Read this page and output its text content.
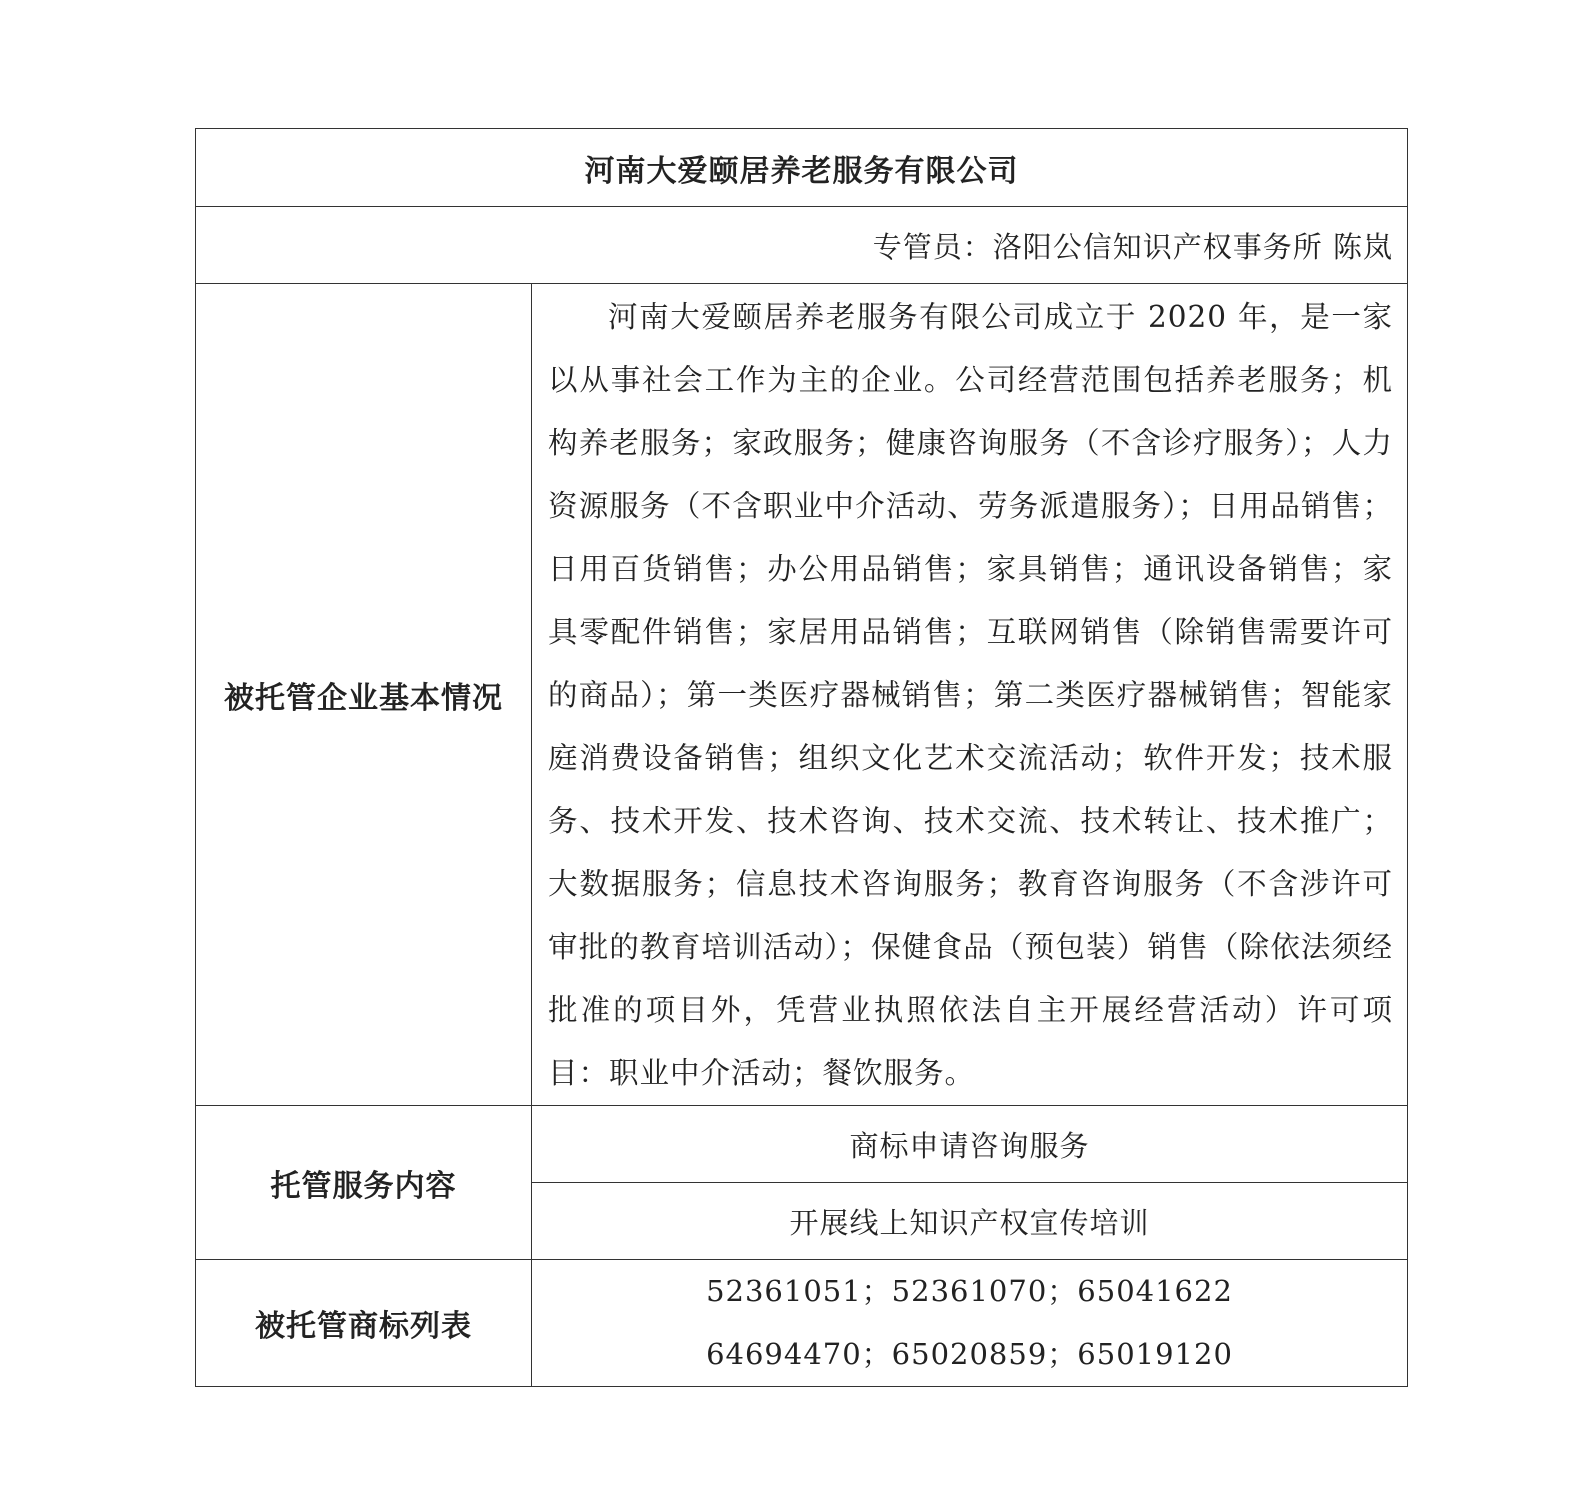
河南大爱颐居养老服务有限公司	
专管员：洛阳公信知识产权事务所 陈岚	
被托管企业基本情况	河南大爱颐居养老服务有限公司成立于 2020 年，是一家以从事社会工作为主的企业。公司经营范围包括养老服务；机构养老服务；家政服务；健康咨询服务（不含诊疗服务）；人力资源服务（不含职业中介活动、劳务派遣服务）；日用品销售；日用百货销售；办公用品销售；家具销售；通讯设备销售；家具零配件销售；家居用品销售；互联网销售（除销售需要许可的商品）；第一类医疗器械销售；第二类医疗器械销售；智能家庭消费设备销售；组织文化艺术交流活动；软件开发；技术服务、技术开发、技术咨询、技术交流、技术转让、技术推广；大数据服务；信息技术咨询服务；教育咨询服务（不含涉许可审批的教育培训活动）；保健食品（预包装）销售（除依法须经批准的项目外，凭营业执照依法自主开展经营活动）许可项目：职业中介活动；餐饮服务。

托管服务内容	商标申请咨询服务
	开展线上知识产权宣传培训
被托管商标列表	52361051；52361070；65041622
64694470；65020859；65019120
